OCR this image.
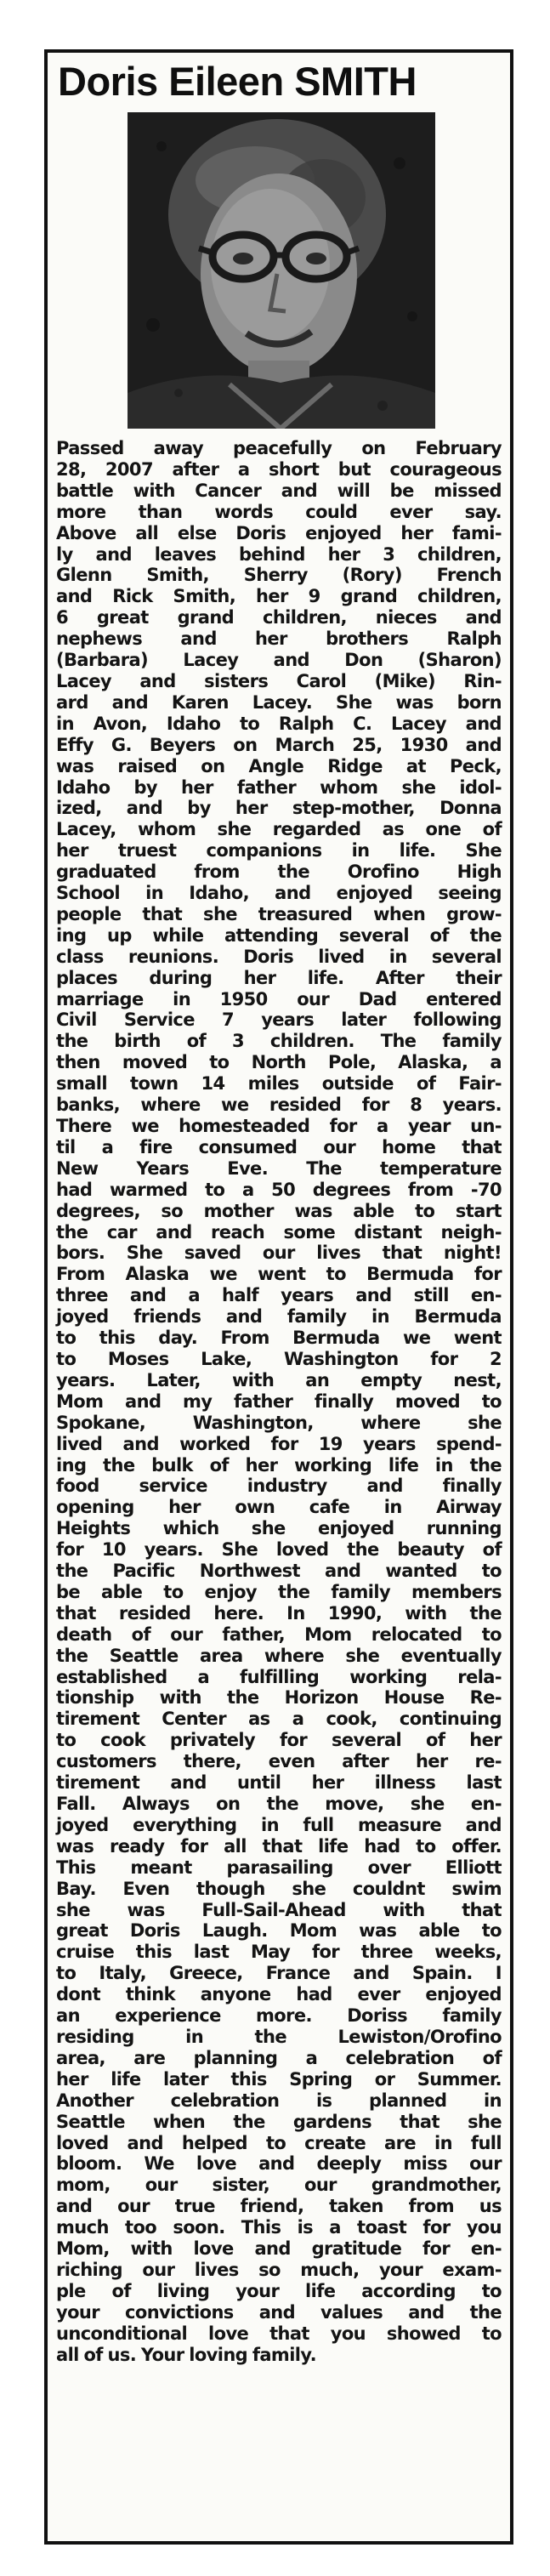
Doris Eileen SMITH
Passed away peacefully on February
28, 2007 after a short but courageous
battle with Cancer and will be missed
more than words could ever say.
Above all else Doris enjoyed her fami-
ly and leaves behind her 3 children,
Glenn Smith, Sherry (Rory) French
and Rick Smith, her 9 grand children,
6 great grand children, nieces and
nephews and her brothers Ralph
(Barbara) Lacey and Don (Sharon)
Lacey and sisters Carol (Mike) Rin-
ard and Karen Lacey. She was born
in Avon, Idaho to Ralph C. Lacey and
Effy G. Beyers on March 25, 1930 and
was raised on Angle Ridge at Peck,
Idaho by her father whom she idol-
ized, and by her step-mother, Donna
Lacey, whom she regarded as one of
her truest companions in life. She
graduated from the Orofino High
School in Idaho, and enjoyed seeing
people that she treasured when grow-
ing up while attending several of the
class reunions. Doris lived in several
places during her life. After their
marriage in 1950 our Dad entered
Civil Service 7 years later following
the birth of 3 children. The family
then moved to North Pole, Alaska, a
small town 14 miles outside of Fair-
banks, where we resided for 8 years.
There we homesteaded for a year un-
til a fire consumed our home that
New Years Eve. The temperature
had warmed to a 50 degrees from -70
degrees, so mother was able to start
the car and reach some distant neigh-
bors. She saved our lives that night!
From Alaska we went to Bermuda for
three and a half years and still en-
joyed friends and family in Bermuda
to this day. From Bermuda we went
to Moses Lake, Washington for 2
years. Later, with an empty nest,
Mom and my father finally moved to
Spokane, Washington, where she
lived and worked for 19 years spend-
ing the bulk of her working life in the
food service industry and finally
opening her own cafe in Airway
Heights which she enjoyed running
for 10 years. She loved the beauty of
the Pacific Northwest and wanted to
be able to enjoy the family members
that resided here. In 1990, with the
death of our father, Mom relocated to
the Seattle area where she eventually
established a fulfilling working rela-
tionship with the Horizon House Re-
tirement Center as a cook, continuing
to cook privately for several of her
customers there, even after her re-
tirement and until her illness last
Fall. Always on the move, she en-
joyed everything in full measure and
was ready for all that life had to offer.
This meant parasailing over Elliott
Bay. Even though she couldnt swim
she was Full-Sail-Ahead with that
great Doris Laugh. Mom was able to
cruise this last May for three weeks,
to Italy, Greece, France and Spain. I
dont think anyone had ever enjoyed
an experience more. Doriss family
residing in the Lewiston/Orofino
area, are planning a celebration of
her life later this Spring or Summer.
Another celebration is planned in
Seattle when the gardens that she
loved and helped to create are in full
bloom. We love and deeply miss our
mom, our sister, our grandmother,
and our true friend, taken from us
much too soon. This is a toast for you
Mom, with love and gratitude for en-
riching our lives so much, your exam-
ple of living your life according to
your convictions and values and the
unconditional love that you showed to
all of us. Your loving family.
